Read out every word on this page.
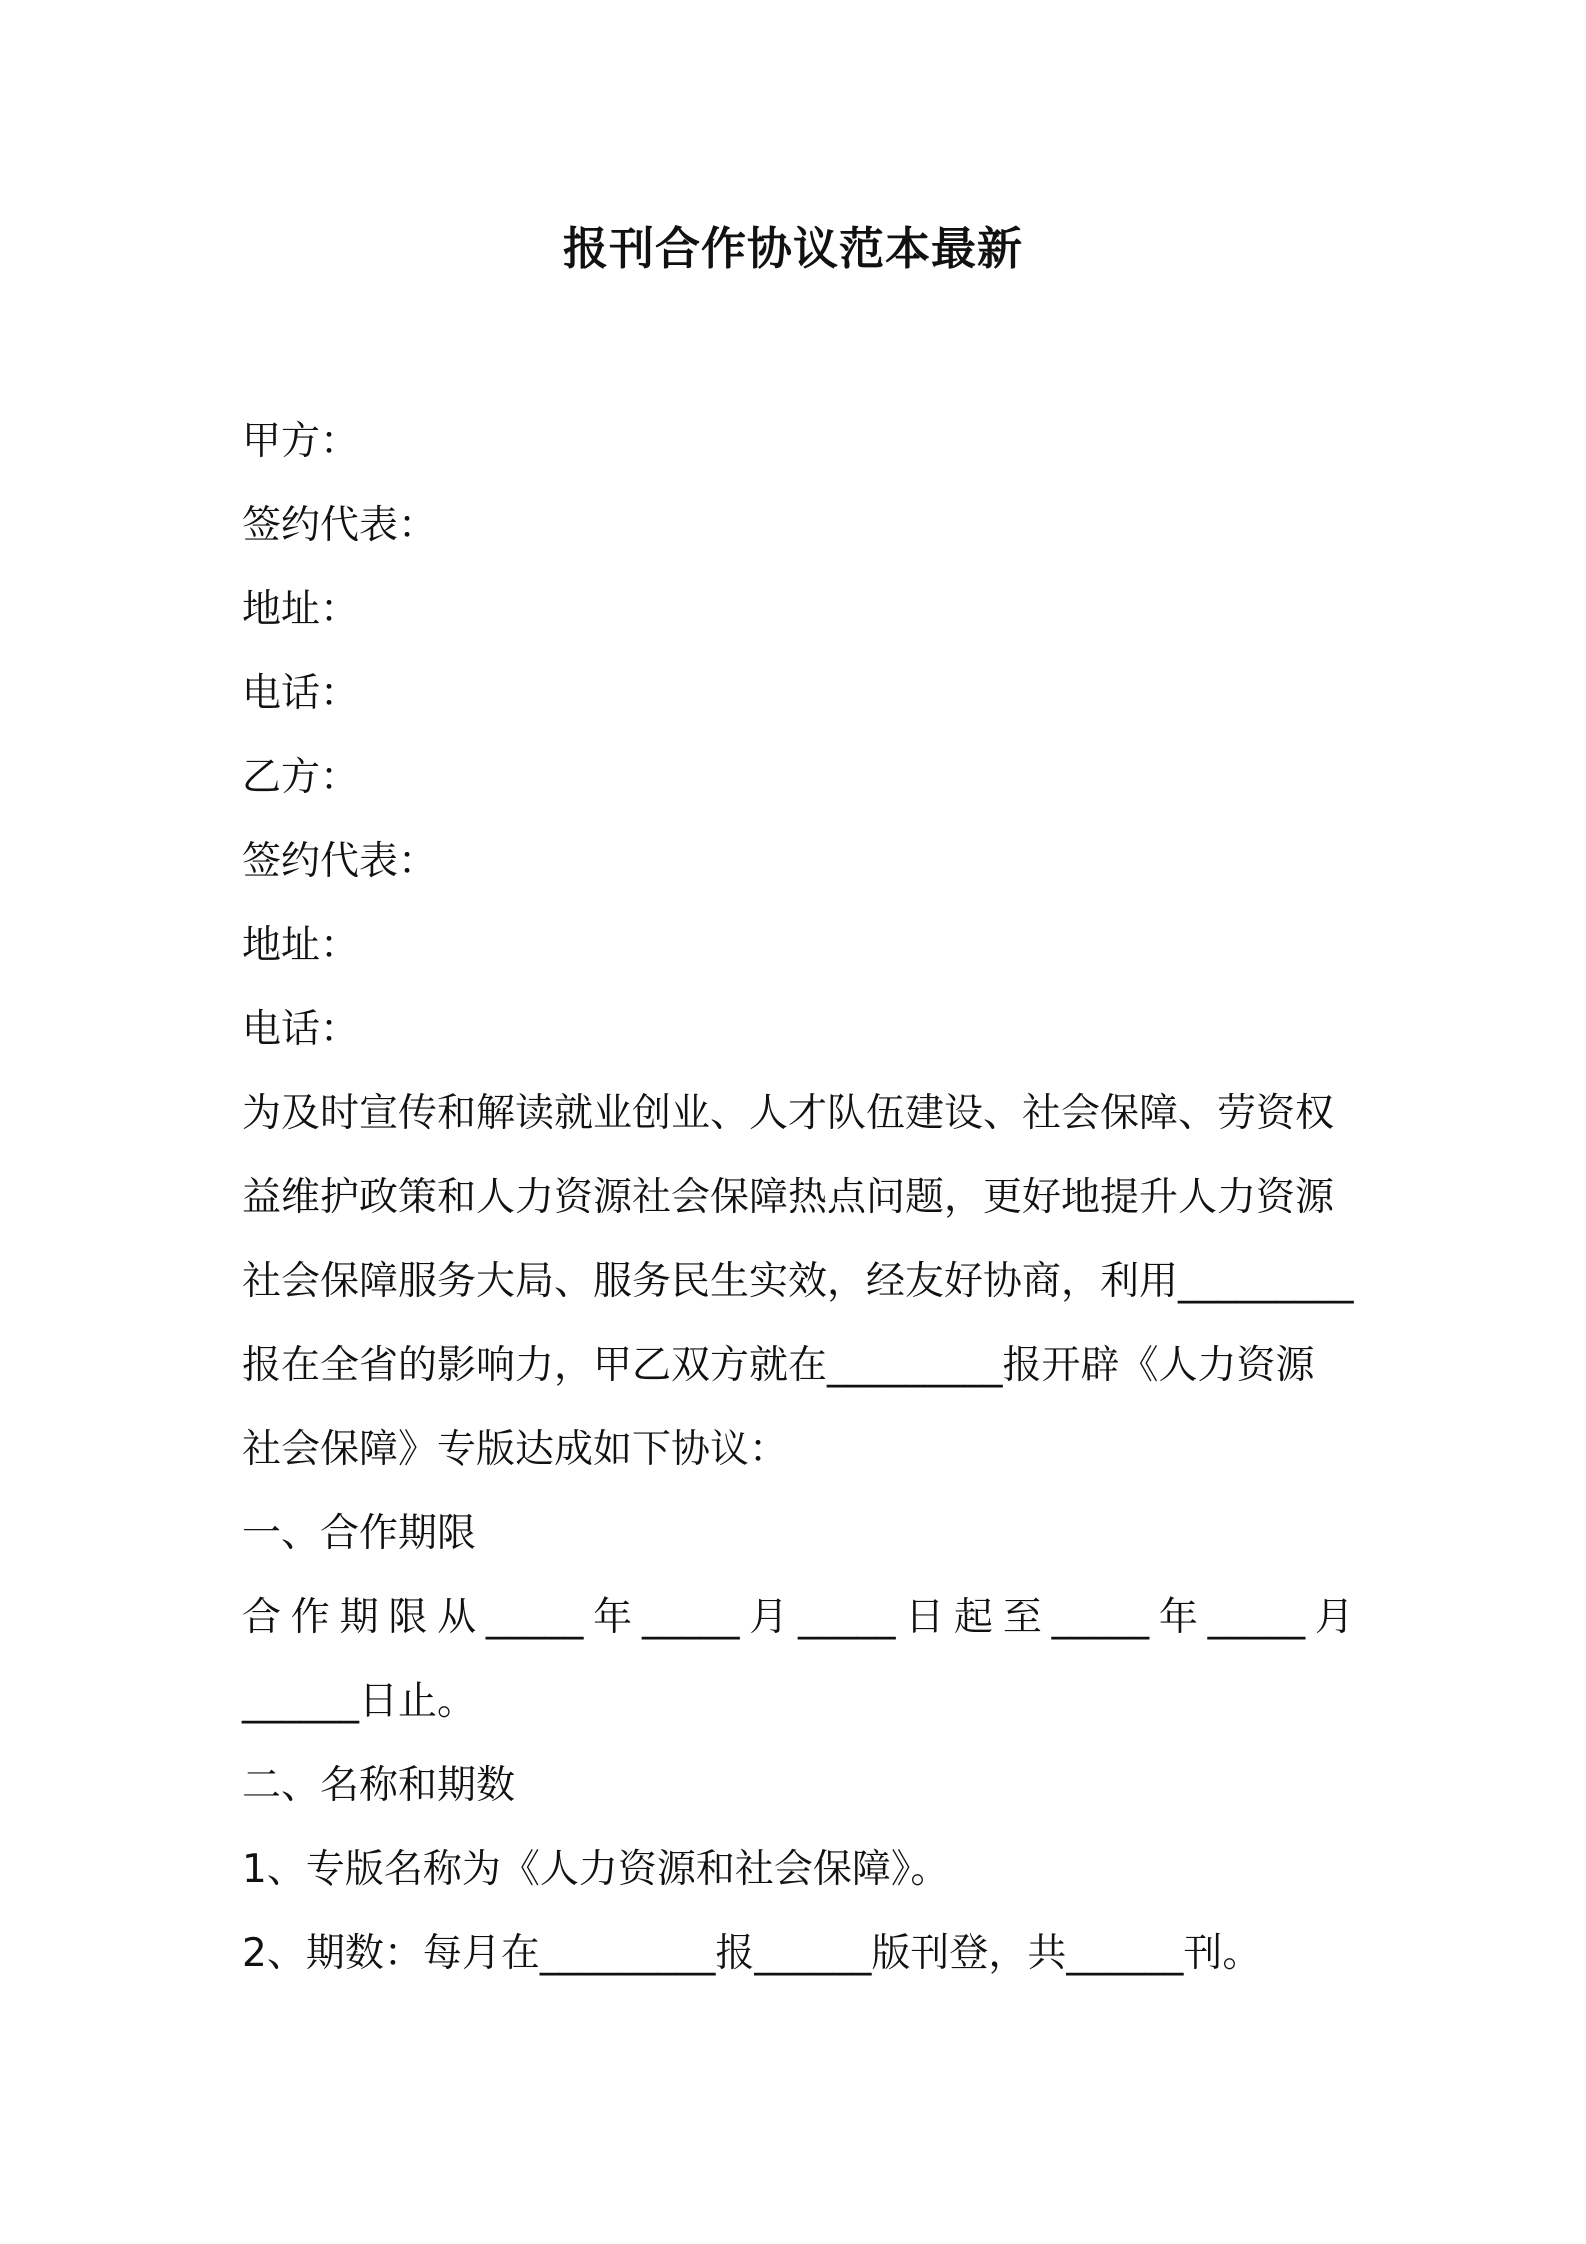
报刊合作协议范本最新
甲方：
签约代表：
地址：
电话：
乙方：
签约代表：
地址：
电话：
为及时宣传和解读就业创业、人才队伍建设、社会保障、劳资权
益维护政策和人力资源社会保障热点问题，更好地提升人力资源
社会保障服务大局、服务民生实效，经友好协商，利用_________
报在全省的影响力，甲乙双方就在_________报开辟《人力资源
社会保障》专版达成如下协议：
一、合作期限
合 作 期 限 从 _____ 年 _____ 月 _____ 日 起 至 _____ 年 _____ 月
______日止。
二、名称和期数
1、专版名称为《人力资源和社会保障》。
2、期数：每月在_________报______版刊登，共______刊。
